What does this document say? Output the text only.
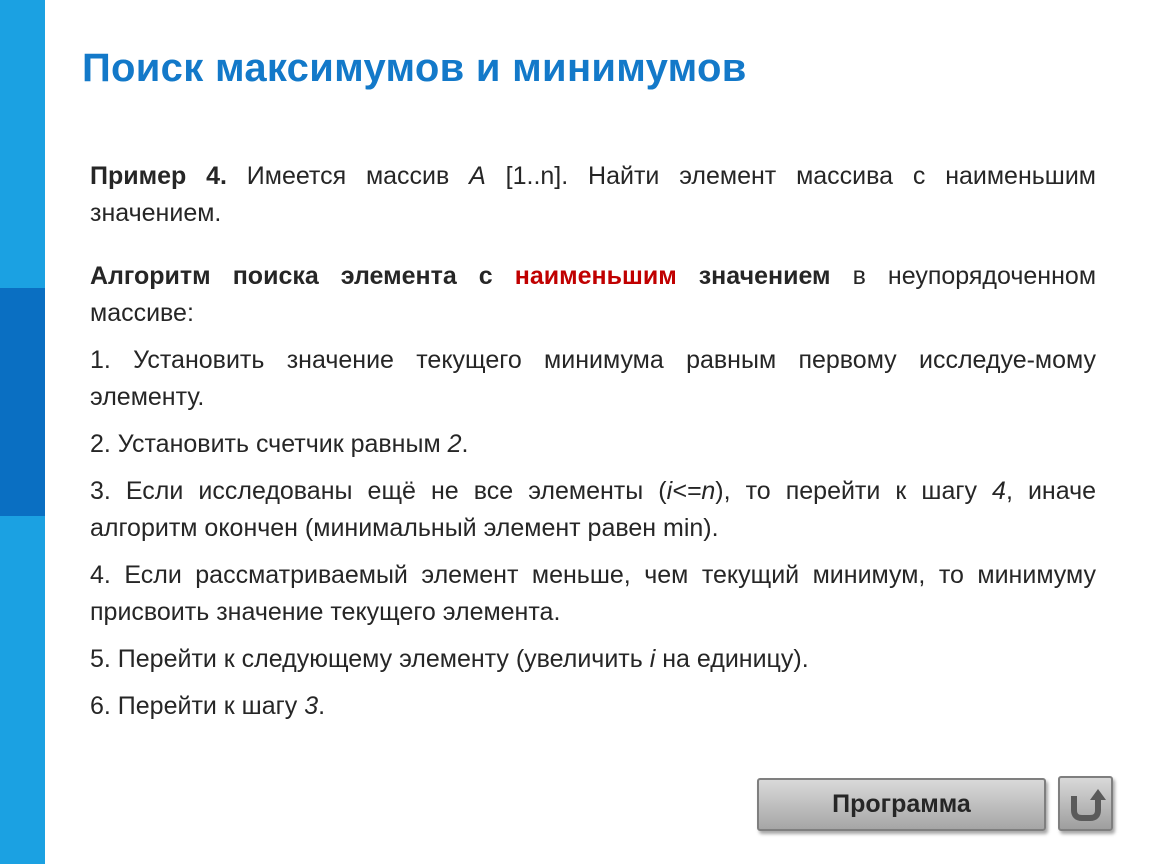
Поиск максимумов и минимумов
Пример 4. Имеется массив A [1..n]. Найти элемент массива с наименьшим значением.
Алгоритм поиска элемента с наименьшим значением в неупорядоченном массиве:
1. Установить значение текущего минимума равным первому исследуе-мому элементу.
2. Установить счетчик равным 2.
3. Если исследованы ещё не все элементы (i<=n), то перейти к шагу 4, иначе алгоритм окончен (минимальный элемент равен min).
4. Если рассматриваемый элемент меньше, чем текущий минимум, то минимуму присвоить значение текущего элемента.
5. Перейти к следующему элементу (увеличить i на единицу).
6. Перейти к шагу 3.
Программа
